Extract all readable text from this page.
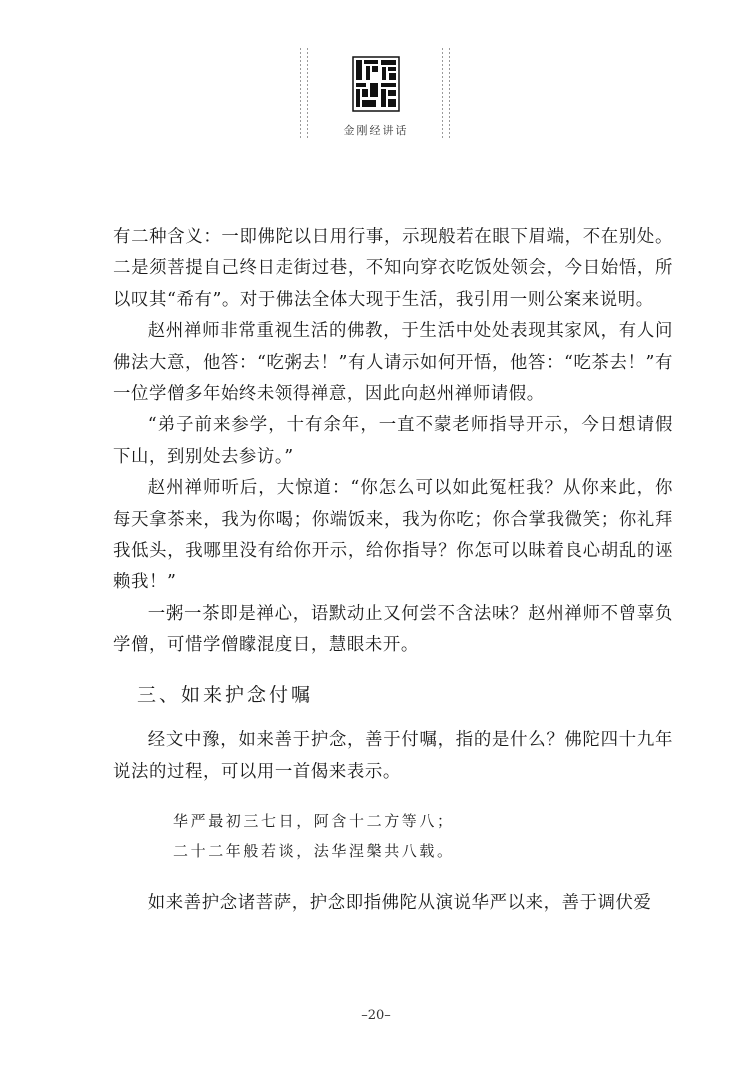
金刚经讲话

有二种含义：一即佛陀以日用行事，示现般若在眼下眉端，不在别处。二是须菩提自己终日走街过巷，不知向穿衣吃饭处领会，今日始悟，所以叹其“希有”。对于佛法全体大现于生活，我引用一则公案来说明。

赵州禅师非常重视生活的佛教，于生活中处处表现其家风，有人问佛法大意，他答：“吃粥去！”有人请示如何开悟，他答：“吃茶去！”有一位学僧多年始终未领得禅意，因此向赵州禅师请假。

“弟子前来参学，十有余年，一直不蒙老师指导开示，今日想请假下山，到别处去参访。”

赵州禅师听后，大惊道：“你怎么可以如此冤枉我？从你来此，你每天拿茶来，我为你喝；你端饭来，我为你吃；你合掌我微笑；你礼拜我低头，我哪里没有给你开示，给你指导？你怎可以昧着良心胡乱的诬赖我！”

一粥一茶即是禅心，语默动止又何尝不含法味？赵州禅师不曾辜负学僧，可惜学僧矇混度日，慧眼未开。

三、如来护念付嘱

经文中豫，如来善于护念，善于付嘱，指的是什么？佛陀四十九年说法的过程，可以用一首偈来表示。

华严最初三七日，阿含十二方等八；
二十二年般若谈，法华涅槃共八载。

如来善护念诸菩萨，护念即指佛陀从演说华严以来，善于调伏爱

–20–
